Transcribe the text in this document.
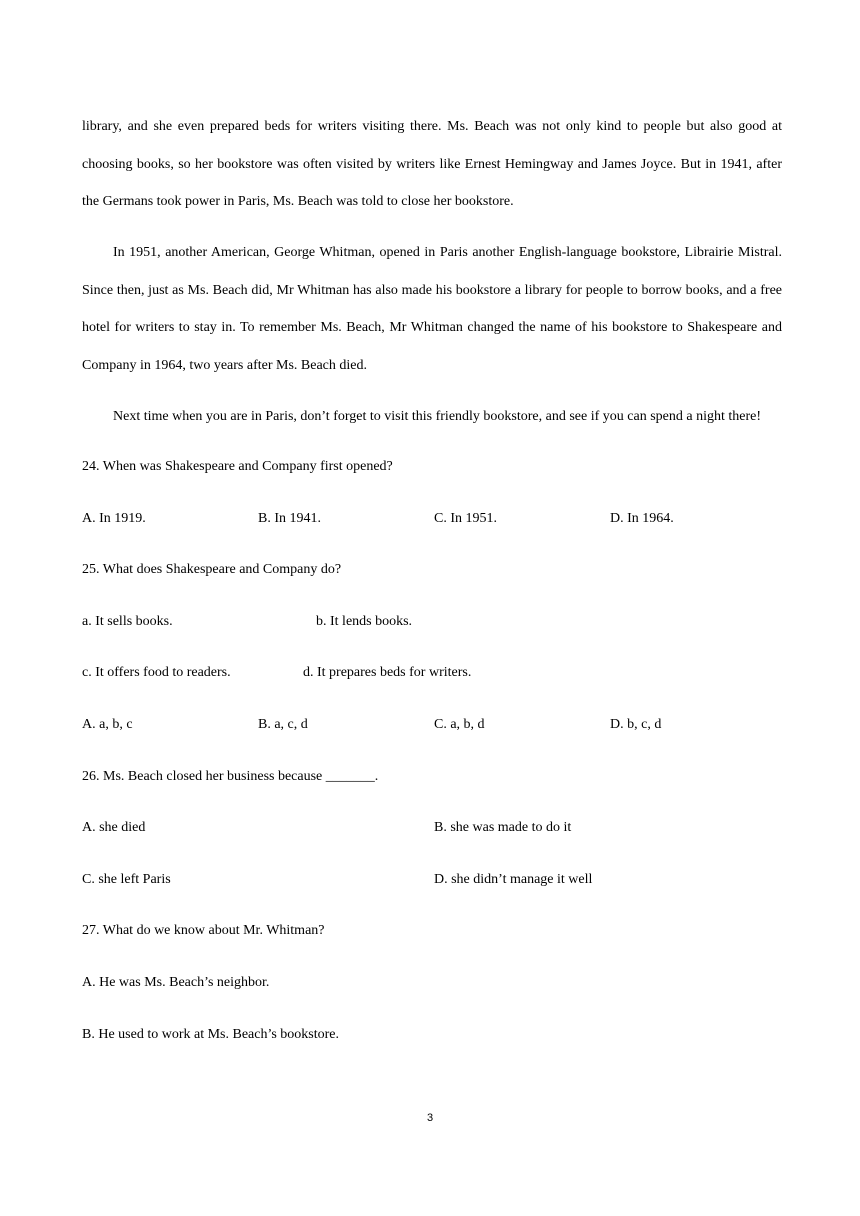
library, and she even prepared beds for writers visiting there. Ms. Beach was not only kind to people but also good at choosing books, so her bookstore was often visited by writers like Ernest Hemingway and James Joyce. But in 1941, after the Germans took power in Paris, Ms. Beach was told to close her bookstore.

In 1951, another American, George Whitman, opened in Paris another English-language bookstore, Librairie Mistral. Since then, just as Ms. Beach did, Mr Whitman has also made his bookstore a library for people to borrow books, and a free hotel for writers to stay in. To remember Ms. Beach, Mr Whitman changed the name of his bookstore to Shakespeare and Company in 1964, two years after Ms. Beach died.

Next time when you are in Paris, don’t forget to visit this friendly bookstore, and see if you can spend a night there!

24. When was Shakespeare and Company first opened?
A. In 1919.	B. In 1941.	C. In 1951.	D. In 1964.
25. What does Shakespeare and Company do?
a. It sells books.	b. It lends books.
c. It offers food to readers.	d. It prepares beds for writers.
A. a, b, c	B. a, c, d	C. a, b, d	D. b, c, d
26. Ms. Beach closed her business because _______.
A. she died	B. she was made to do it
C. she left Paris	D. she didn’t manage it well
27. What do we know about Mr. Whitman?
A. He was Ms. Beach’s neighbor.
B. He used to work at Ms. Beach’s bookstore.
3
